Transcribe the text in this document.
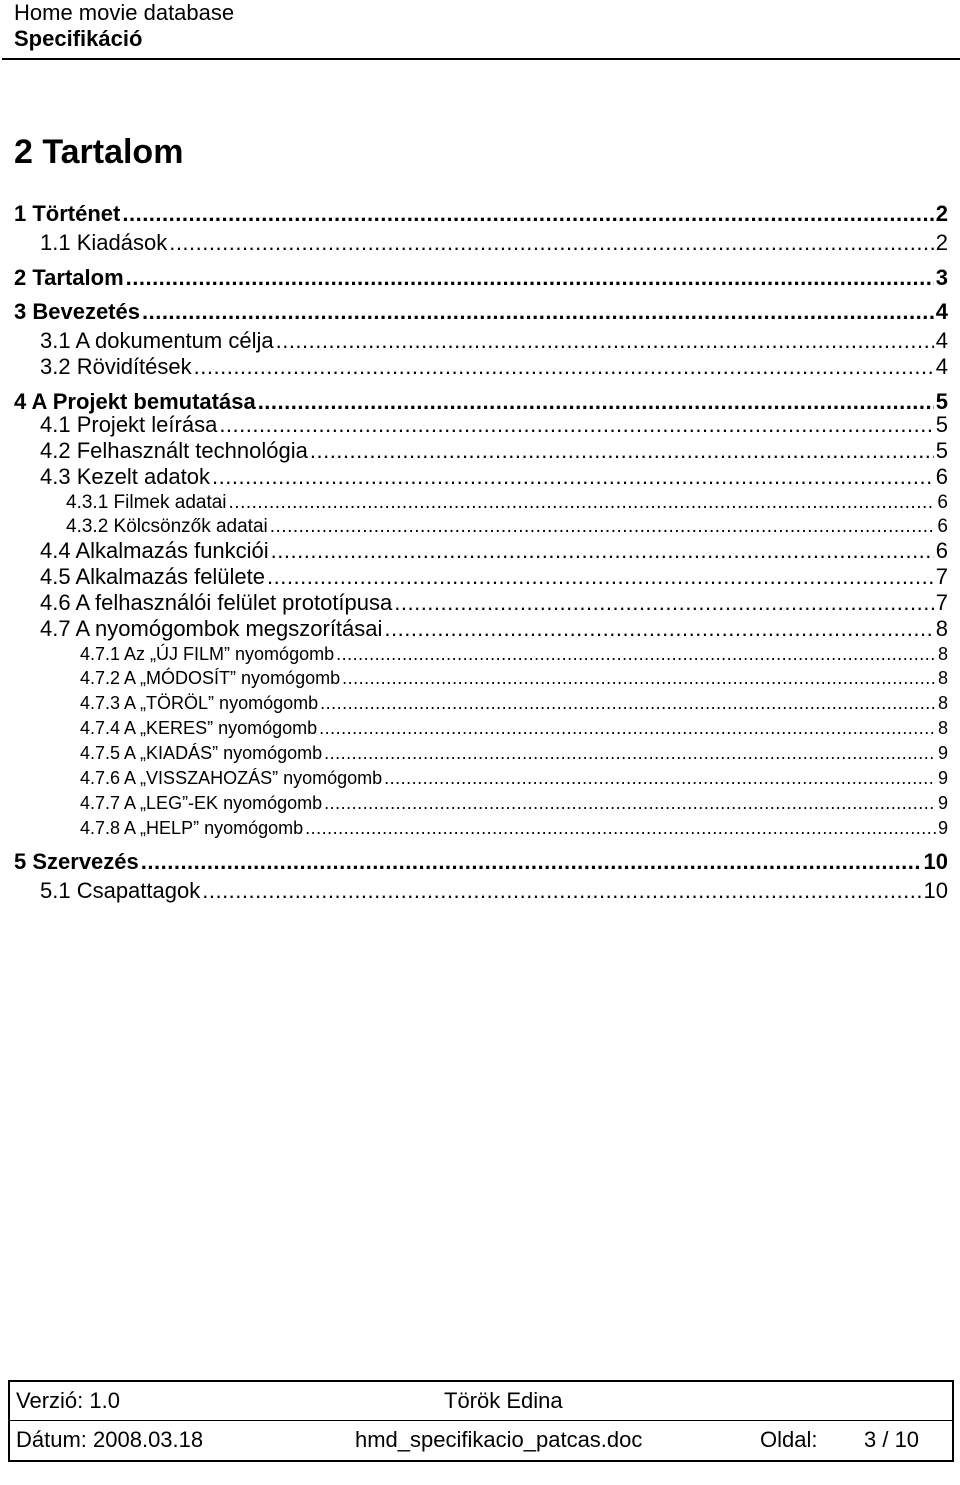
Home movie database
Specifikáció
2 Tartalom
1 Történet .....	2
1.1 Kiadások .....	2
2 Tartalom .....	3
3 Bevezetés .....	4
3.1 A dokumentum célja .....	4
3.2 Rövidítések .....	4
4 A Projekt bemutatása .....	5
4.1 Projekt leírása .....	5
4.2 Felhasznált technológia .....	5
4.3 Kezelt adatok .....	6
4.3.1 Filmek adatai .....	6
4.3.2 Kölcsönzők adatai .....	6
4.4 Alkalmazás funkciói .....	6
4.5 Alkalmazás felülete .....	7
4.6 A felhasználói felület prototípusa .....	7
4.7 A nyomógombok megszorításai .....	8
4.7.1 Az „ÚJ FILM” nyomógomb .....	8
4.7.2 A „MÓDOSÍT” nyomógomb .....	8
4.7.3 A „TÖRÖL” nyomógomb .....	8
4.7.4 A „KERES” nyomógomb .....	8
4.7.5 A „KIADÁS” nyomógomb .....	9
4.7.6 A „VISSZAHOZÁS” nyomógomb .....	9
4.7.7 A „LEG”-EK nyomógomb .....	9
4.7.8 A „HELP” nyomógomb .....	9
5 Szervezés .....	10
5.1 Csapattagok .....	10
Verzió: 1.0	Török Edina
Dátum: 2008.03.18	hmd_specifikacio_patcas.doc	Oldal: 3 / 10
